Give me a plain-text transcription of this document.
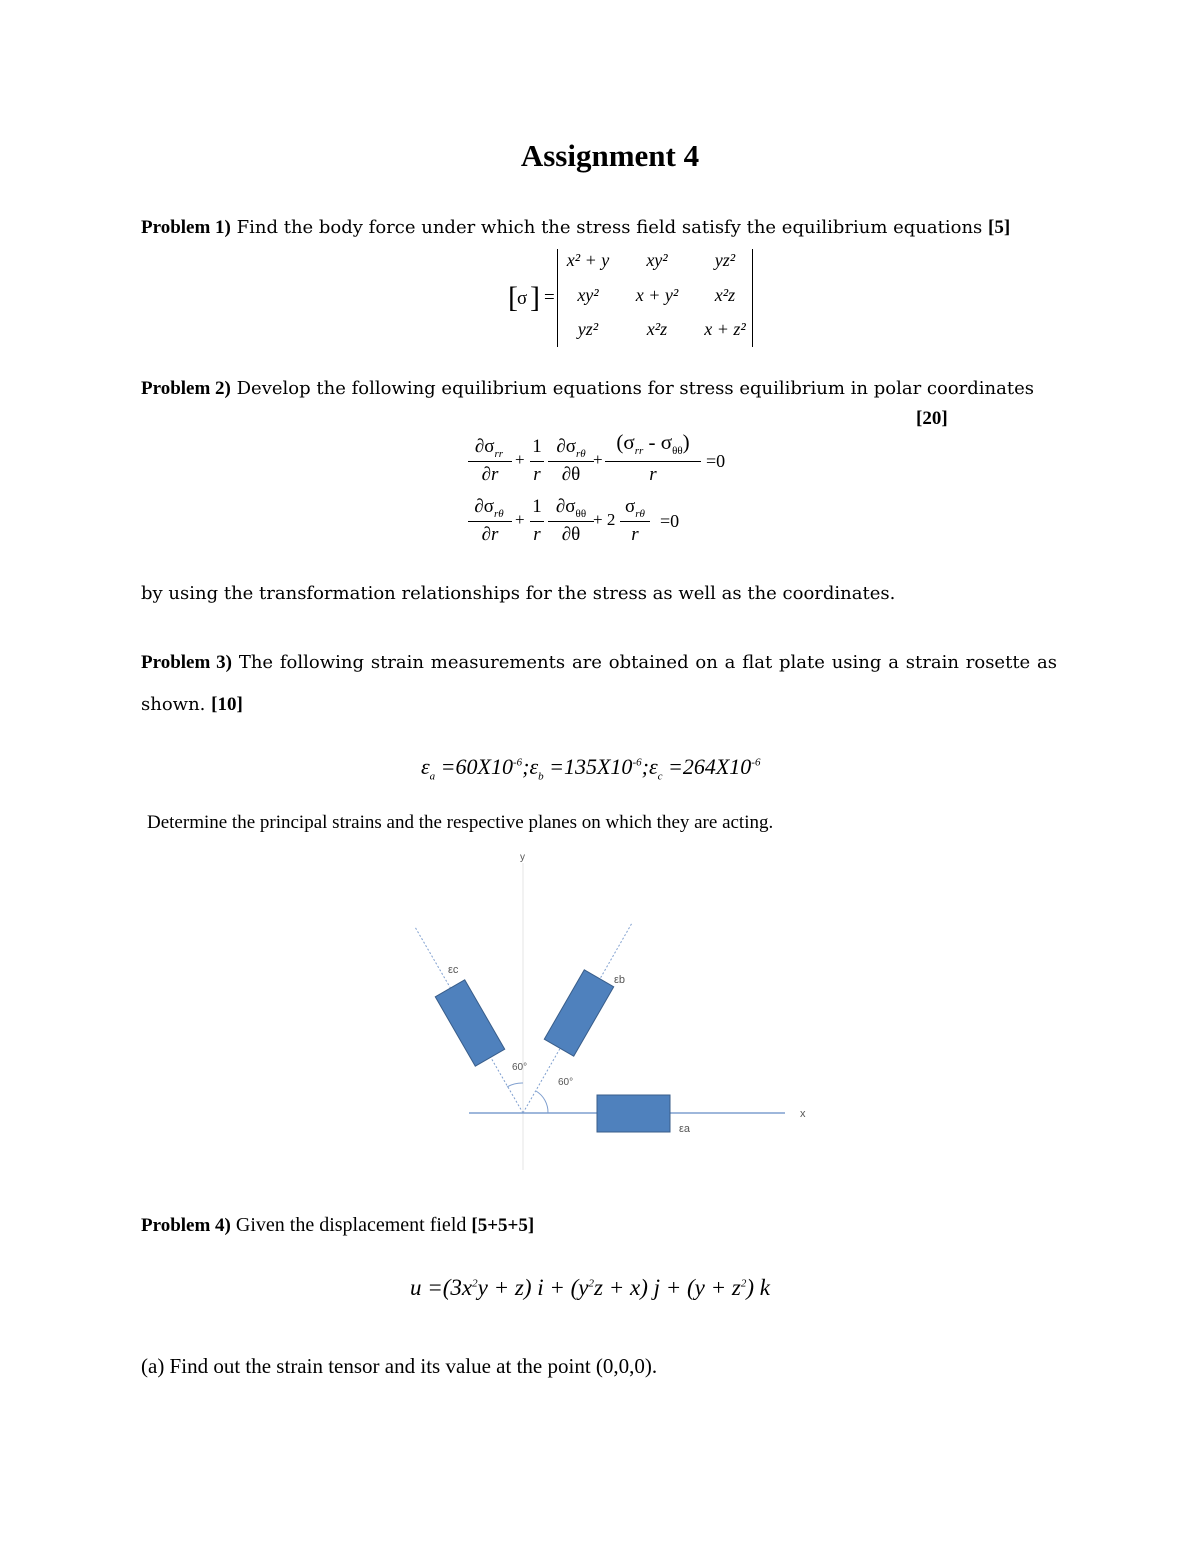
Assignment 4
Problem 1) Find the body force under which the stress field satisfy the equilibrium equations [5]
[ σ ] =
x² + y	xy²	yz²
xy²	x + y²	x²z
yz²	x²z	x + z²
Problem 2) Develop the following equilibrium equations for stress equilibrium in polar coordinates
[20]
$\partial\sigma_{rr}$
∂r
+
1
r
$\partial\sigma_{r\theta}$
∂θ
+
$(\sigma_{rr} - \sigma_{\theta\theta})$
r
=0
$\partial\sigma_{r\theta}$
∂r
+
1
r
$\partial\sigma_{\theta\theta}$
∂θ
+ 2
$\sigma_{r\theta}$
r
=0
by using the transformation relationships for the stress as well as the coordinates.
Problem 3) The following strain measurements are obtained on a flat plate using a strain rosette as
shown. [10]
$\varepsilon_a$ $=60X10^{-6};\varepsilon_b$ $=135X10^{-6};\varepsilon_c =264X10^{-6}$
Determine the principal strains and the respective planes on which they are acting.
y
x
60°
60°
εc
εb
εa
Problem 4) Given the displacement field [5+5+5]
$u =(3x^2y + z) i + (y^2z + x) j + (y + z^2)$ k
(a) Find out the strain tensor and its value at the point (0,0,0).
